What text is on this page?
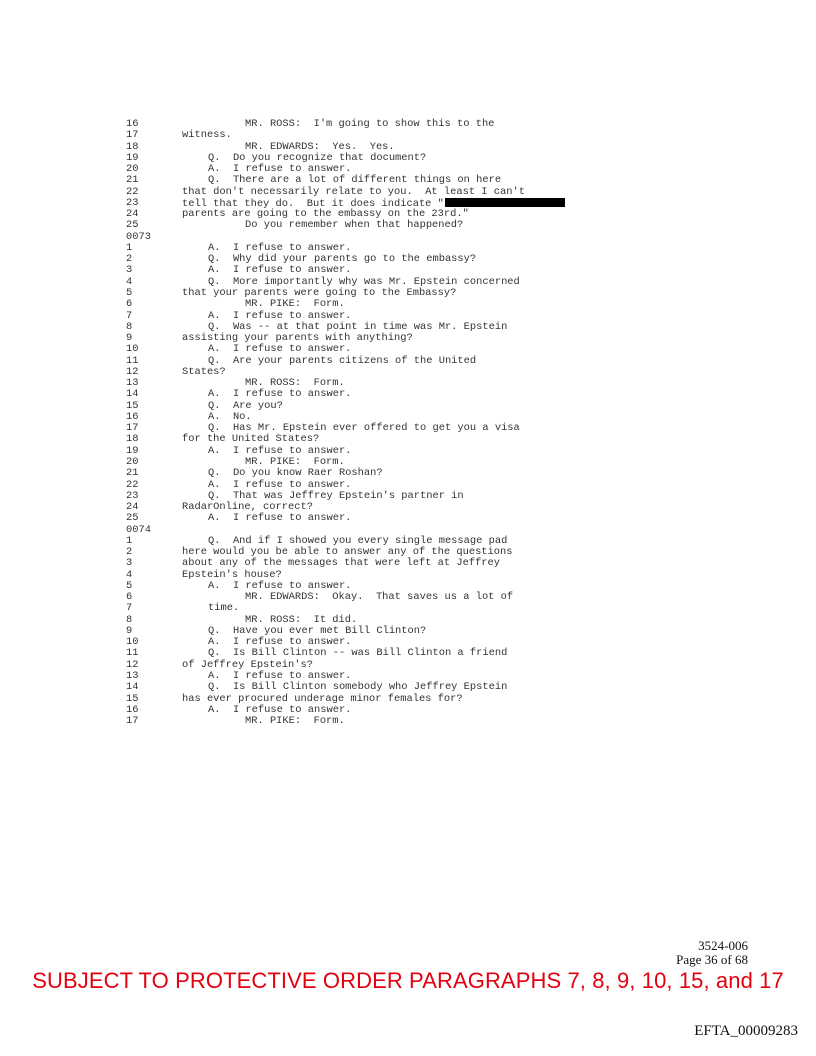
16	MR. ROSS:  I'm going to show this to the
17	witness.
18	MR. EDWARDS:  Yes.  Yes.
19	Q.  Do you recognize that document?
20	A.  I refuse to answer.
21	Q.  There are a lot of different things on here
22	that don't necessarily relate to you.  At least I can't
23	tell that they do.  But it does indicate "
24	parents are going to the embassy on the 23rd."
25	Do you remember when that happened?
0073
1	A.  I refuse to answer.
2	Q.  Why did your parents go to the embassy?
3	A.  I refuse to answer.
4	Q.  More importantly why was Mr. Epstein concerned
5	that your parents were going to the Embassy?
6	MR. PIKE:  Form.
7	A.  I refuse to answer.
8	Q.  Was -- at that point in time was Mr. Epstein
9	assisting your parents with anything?
10	A.  I refuse to answer.
11	Q.  Are your parents citizens of the United
12	States?
13	MR. ROSS:  Form.
14	A.  I refuse to answer.
15	Q.  Are you?
16	A.  No.
17	Q.  Has Mr. Epstein ever offered to get you a visa
18	for the United States?
19	A.  I refuse to answer.
20	MR. PIKE:  Form.
21	Q.  Do you know Raer Roshan?
22	A.  I refuse to answer.
23	Q.  That was Jeffrey Epstein's partner in
24	RadarOnline, correct?
25	A.  I refuse to answer.
0074
1	Q.  And if I showed you every single message pad
2	here would you be able to answer any of the questions
3	about any of the messages that were left at Jeffrey
4	Epstein's house?
5	A.  I refuse to answer.
6	MR. EDWARDS:  Okay.  That saves us a lot of
7	time.
8	MR. ROSS:  It did.
9	Q.  Have you ever met Bill Clinton?
10	A.  I refuse to answer.
11	Q.  Is Bill Clinton -- was Bill Clinton a friend
12	of Jeffrey Epstein's?
13	A.  I refuse to answer.
14	Q.  Is Bill Clinton somebody who Jeffrey Epstein
15	has ever procured underage minor females for?
16	A.  I refuse to answer.
17	MR. PIKE:  Form.
3524-006
Page 36 of 68
SUBJECT TO PROTECTIVE ORDER PARAGRAPHS 7, 8, 9, 10, 15, and 17
EFTA_00009283
